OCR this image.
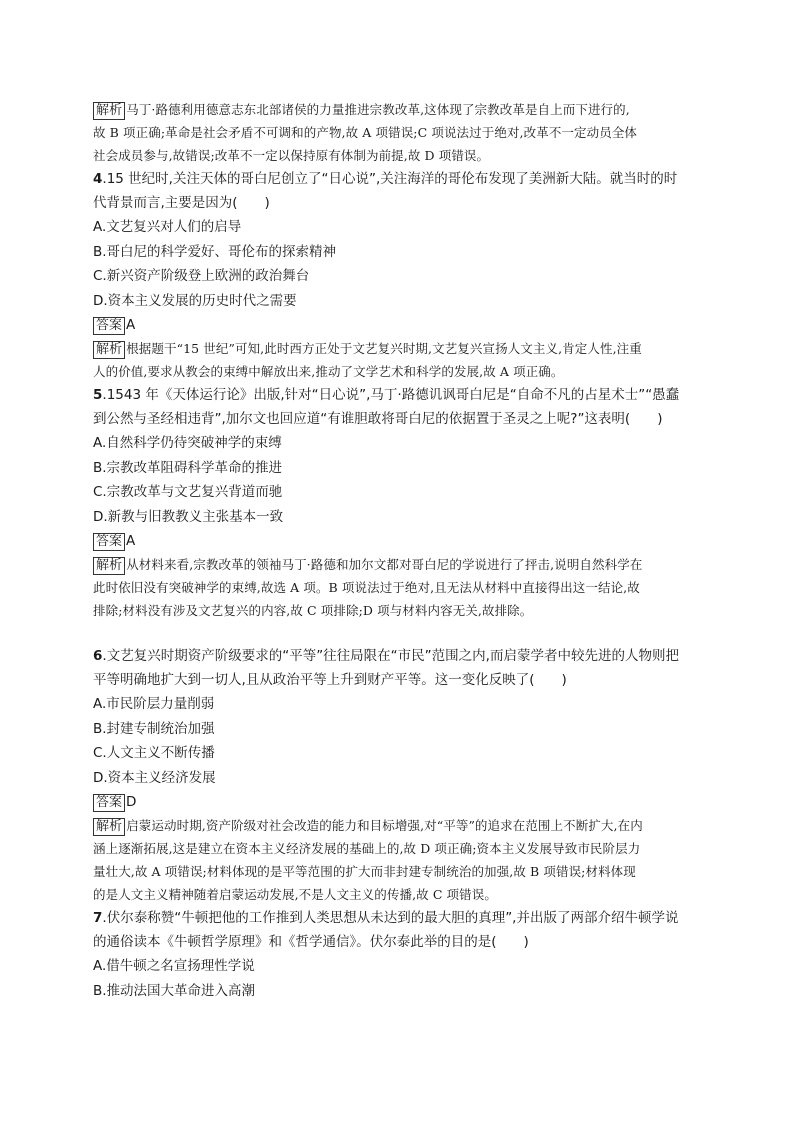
解析 马丁·路德利用德意志东北部诸侯的力量推进宗教改革,这体现了宗教改革是自上而下进行的,

故 B 项正确;革命是社会矛盾不可调和的产物,故 A 项错误;C 项说法过于绝对,改革不一定动员全体

社会成员参与,故错误;改革不一定以保持原有体制为前提,故 D 项错误。

4.15 世纪时,关注天体的哥白尼创立了“日心说”,关注海洋的哥伦布发现了美洲新大陆。就当时的时

代背景而言,主要是因为(　　)

A.文艺复兴对人们的启导

B.哥白尼的科学爱好、哥伦布的探索精神

C.新兴资产阶级登上欧洲的政治舞台

D.资本主义发展的历史时代之需要

答案 A

解析 根据题干“15 世纪”可知,此时西方正处于文艺复兴时期,文艺复兴宣扬人文主义,肯定人性,注重

人的价值,要求从教会的束缚中解放出来,推动了文学艺术和科学的发展,故 A 项正确。

5.1543 年《天体运行论》出版,针对“日心说”,马丁·路德讥讽哥白尼是“自命不凡的占星术士”“愚蠢

到公然与圣经相违背”,加尔文也回应道“有谁胆敢将哥白尼的依据置于圣灵之上呢?”这表明(　　)

A.自然科学仍待突破神学的束缚

B.宗教改革阻碍科学革命的推进

C.宗教改革与文艺复兴背道而驰

D.新教与旧教教义主张基本一致

答案 A

解析 从材料来看,宗教改革的领袖马丁·路德和加尔文都对哥白尼的学说进行了抨击,说明自然科学在

此时依旧没有突破神学的束缚,故选 A 项。B 项说法过于绝对,且无法从材料中直接得出这一结论,故

排除;材料没有涉及文艺复兴的内容,故 C 项排除;D 项与材料内容无关,故排除。

6.文艺复兴时期资产阶级要求的“平等”往往局限在“市民”范围之内,而启蒙学者中较先进的人物则把

平等明确地扩大到一切人,且从政治平等上升到财产平等。这一变化反映了(　　)

A.市民阶层力量削弱

B.封建专制统治加强

C.人文主义不断传播

D.资本主义经济发展

答案 D

解析 启蒙运动时期,资产阶级对社会改造的能力和目标增强,对“平等”的追求在范围上不断扩大,在内

涵上逐渐拓展,这是建立在资本主义经济发展的基础上的,故 D 项正确;资本主义发展导致市民阶层力

量壮大,故 A 项错误;材料体现的是平等范围的扩大而非封建专制统治的加强,故 B 项错误;材料体现

的是人文主义精神随着启蒙运动发展,不是人文主义的传播,故 C 项错误。

7.伏尔泰称赞“牛顿把他的工作推到人类思想从未达到的最大胆的真理”,并出版了两部介绍牛顿学说

的通俗读本《牛顿哲学原理》和《哲学通信》。伏尔泰此举的目的是(　　)

A.借牛顿之名宣扬理性学说

B.推动法国大革命进入高潮
